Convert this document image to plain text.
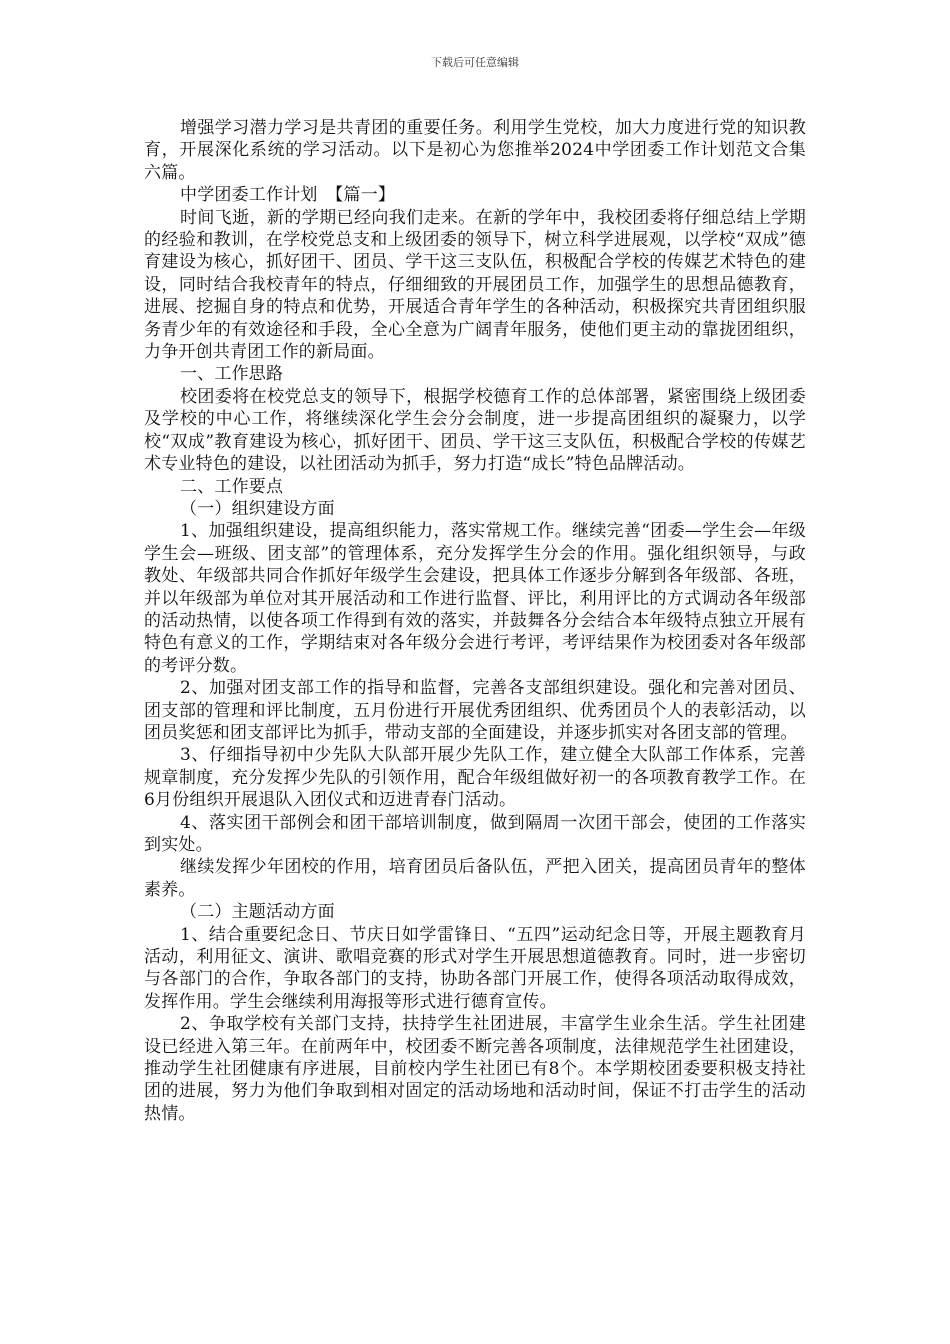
下载后可任意编辑

增强学习潜力学习是共青团的重要任务。利用学生党校，加大力度进行党的知识教育，开展深化系统的学习活动。以下是初心为您推举2024中学团委工作计划范文合集六篇。

中学团委工作计划　【篇一】

时间飞逝，新的学期已经向我们走来。在新的学年中，我校团委将仔细总结上学期的经验和教训，在学校党总支和上级团委的领导下，树立科学进展观，以学校“双成”德育建设为核心，抓好团干、团员、学干这三支队伍，积极配合学校的传媒艺术特色的建设，同时结合我校青年的特点，仔细细致的开展团员工作，加强学生的思想品德教育，进展、挖掘自身的特点和优势，开展适合青年学生的各种活动，积极探究共青团组织服务青少年的有效途径和手段，全心全意为广阔青年服务，使他们更主动的靠拢团组织，力争开创共青团工作的新局面。

一、工作思路

校团委将在校党总支的领导下，根据学校德育工作的总体部署，紧密围绕上级团委及学校的中心工作，将继续深化学生会分会制度，进一步提高团组织的凝聚力，以学校“双成”教育建设为核心，抓好团干、团员、学干这三支队伍，积极配合学校的传媒艺术专业特色的建设，以社团活动为抓手，努力打造“成长”特色品牌活动。

二、工作要点

（一）组织建设方面

1、加强组织建设，提高组织能力，落实常规工作。继续完善“团委—学生会—年级学生会—班级、团支部”的管理体系，充分发挥学生分会的作用。强化组织领导，与政教处、年级部共同合作抓好年级学生会建设，把具体工作逐步分解到各年级部、各班，并以年级部为单位对其开展活动和工作进行监督、评比，利用评比的方式调动各年级部的活动热情，以使各项工作得到有效的落实，并鼓舞各分会结合本年级特点独立开展有特色有意义的工作，学期结束对各年级分会进行考评，考评结果作为校团委对各年级部的考评分数。

2、加强对团支部工作的指导和监督，完善各支部组织建设。强化和完善对团员、团支部的管理和评比制度，五月份进行开展优秀团组织、优秀团员个人的表彰活动，以团员奖惩和团支部评比为抓手，带动支部的全面建设，并逐步抓实对各团支部的管理。

3、仔细指导初中少先队大队部开展少先队工作，建立健全大队部工作体系，完善规章制度，充分发挥少先队的引领作用，配合年级组做好初一的各项教育教学工作。在6月份组织开展退队入团仪式和迈进青春门活动。

4、落实团干部例会和团干部培训制度，做到隔周一次团干部会，使团的工作落实到实处。

继续发挥少年团校的作用，培育团员后备队伍，严把入团关，提高团员青年的整体素养。

（二）主题活动方面

1、结合重要纪念日、节庆日如学雷锋日、“五四”运动纪念日等，开展主题教育月活动，利用征文、演讲、歌唱竞赛的形式对学生开展思想道德教育。同时，进一步密切与各部门的合作，争取各部门的支持，协助各部门开展工作，使得各项活动取得成效，发挥作用。学生会继续利用海报等形式进行德育宣传。

2、争取学校有关部门支持，扶持学生社团进展，丰富学生业余生活。学生社团建设已经进入第三年。在前两年中，校团委不断完善各项制度，法律规范学生社团建设，推动学生社团健康有序进展，目前校内学生社团已有8个。本学期校团委要积极支持社团的进展，努力为他们争取到相对固定的活动场地和活动时间，保证不打击学生的活动热情。
